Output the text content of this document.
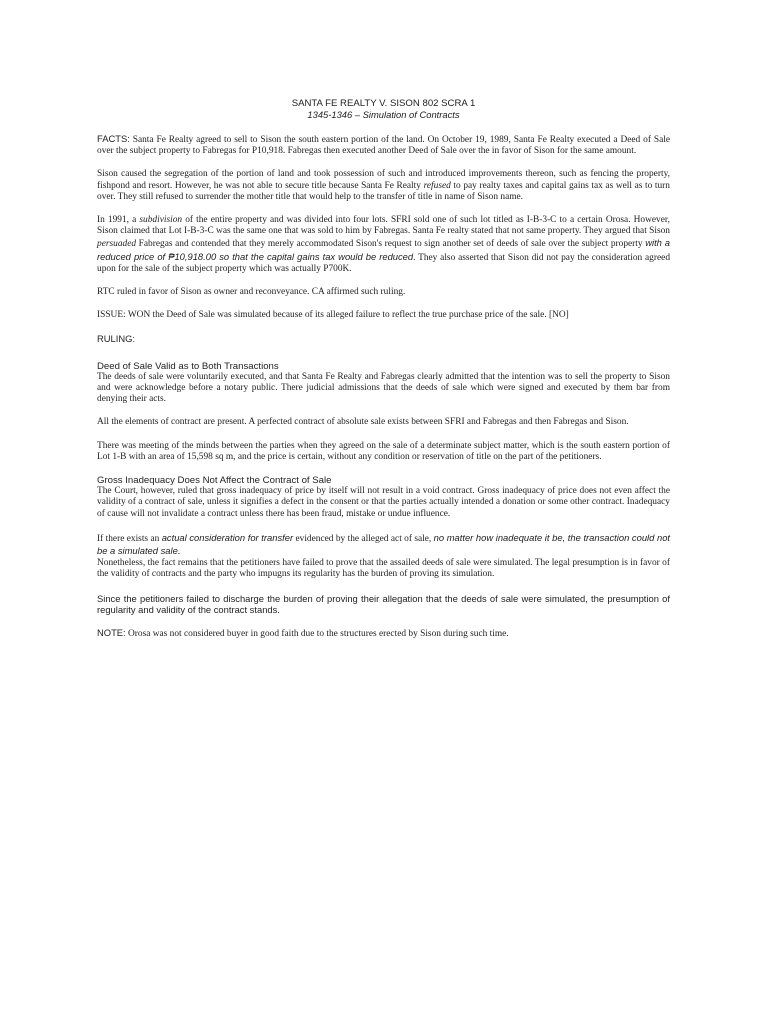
SANTA FE REALTY V. SISON 802 SCRA 1
1345-1346 – Simulation of Contracts

FACTS: Santa Fe Realty agreed to sell to Sison the south eastern portion of the land. On October 19, 1989, Santa Fe Realty executed a Deed of Sale over the subject property to Fabregas for P10,918. Fabregas then executed another Deed of Sale over the in favor of Sison for the same amount.

Sison caused the segregation of the portion of land and took possession of such and introduced improvements thereon, such as fencing the property, fishpond and resort. However, he was not able to secure title because Santa Fe Realty refused to pay realty taxes and capital gains tax as well as to turn over. They still refused to surrender the mother title that would help to the transfer of title in name of Sison name.

In 1991, a subdivision of the entire property and was divided into four lots. SFRI sold one of such lot titled as I-B-3-C to a certain Orosa. However, Sison claimed that Lot I-B-3-C was the same one that was sold to him by Fabregas. Santa Fe realty stated that not same property. They argued that Sison persuaded Fabregas and contended that they merely accommodated Sison's request to sign another set of deeds of sale over the subject property with a reduced price of ₱10,918.00 so that the capital gains tax would be reduced. They also asserted that Sison did not pay the consideration agreed upon for the sale of the subject property which was actually P700K.

RTC ruled in favor of Sison as owner and reconveyance. CA affirmed such ruling.

ISSUE: WON the Deed of Sale was simulated because of its alleged failure to reflect the true purchase price of the sale. [NO]

RULING:

Deed of Sale Valid as to Both Transactions

The deeds of sale were voluntarily executed, and that Santa Fe Realty and Fabregas clearly admitted that the intention was to sell the property to Sison and were acknowledge before a notary public. There judicial admissions that the deeds of sale which were signed and executed by them bar from denying their acts.

All the elements of contract are present. A perfected contract of absolute sale exists between SFRI and Fabregas and then Fabregas and Sison.

There was meeting of the minds between the parties when they agreed on the sale of a determinate subject matter, which is the south eastern portion of Lot 1-B with an area of 15,598 sq m, and the price is certain, without any condition or reservation of title on the part of the petitioners.

Gross Inadequacy Does Not Affect the Contract of Sale

The Court, however, ruled that gross inadequacy of price by itself will not result in a void contract. Gross inadequacy of price does not even affect the validity of a contract of sale, unless it signifies a defect in the consent or that the parties actually intended a donation or some other contract. Inadequacy of cause will not invalidate a contract unless there has been fraud, mistake or undue influence.

If there exists an actual consideration for transfer evidenced by the alleged act of sale, no matter how inadequate it be, the transaction could not be a simulated sale.

Nonetheless, the fact remains that the petitioners have failed to prove that the assailed deeds of sale were simulated. The legal presumption is in favor of the validity of contracts and the party who impugns its regularity has the burden of proving its simulation.

Since the petitioners failed to discharge the burden of proving their allegation that the deeds of sale were simulated, the presumption of regularity and validity of the contract stands.

NOTE: Orosa was not considered buyer in good faith due to the structures erected by Sison during such time.
